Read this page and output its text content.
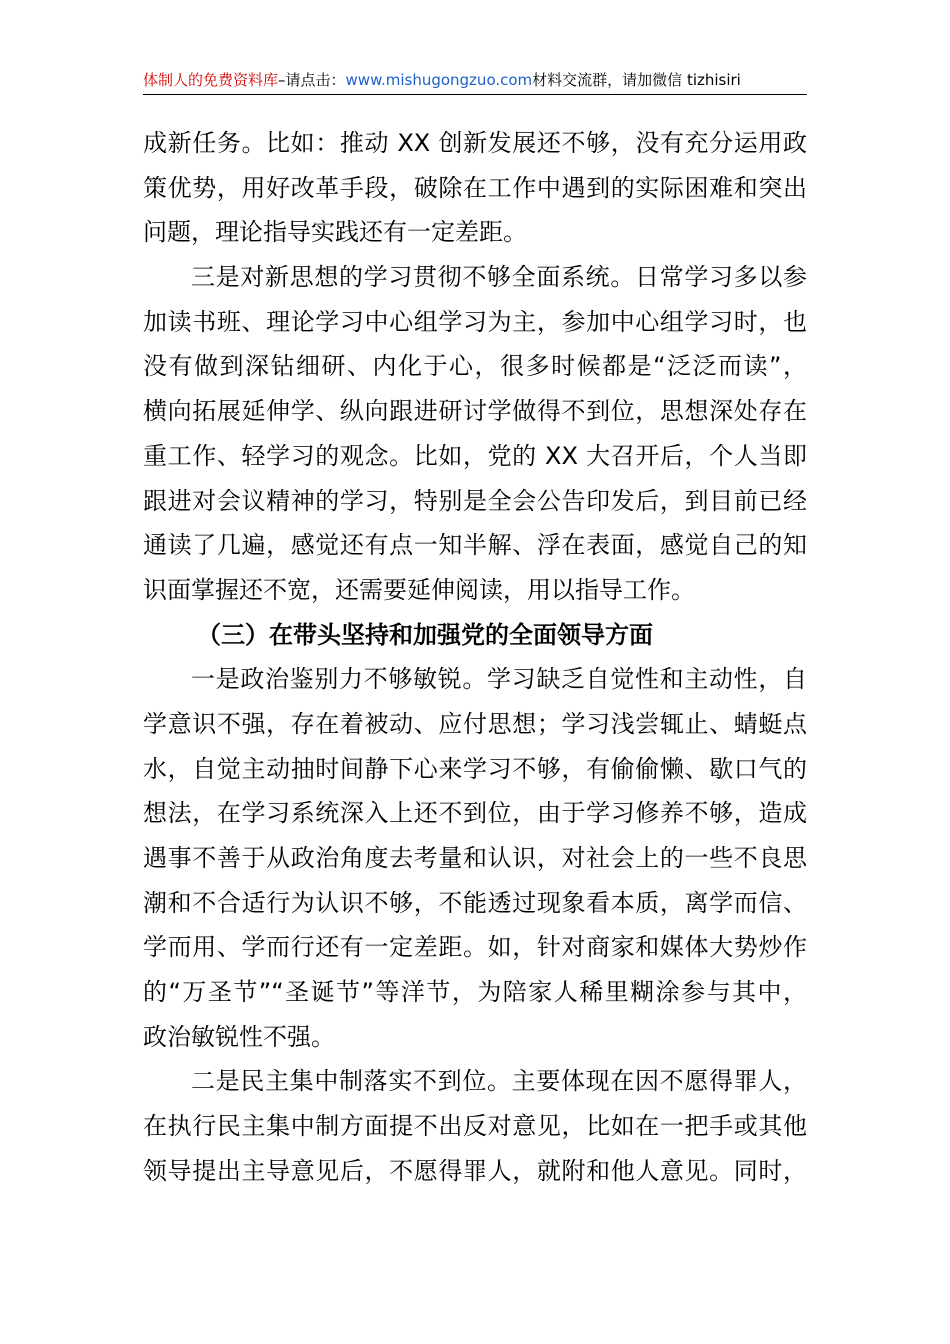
体制人的免费资料库–请点击：www.mishugongzuo.com材料交流群，请加微信 tizhisiri
成新任务。比如：推动 XX 创新发展还不够，没有充分运用政
策优势，用好改革手段，破除在工作中遇到的实际困难和突出
问题，理论指导实践还有一定差距。
三是对新思想的学习贯彻不够全面系统。日常学习多以参
加读书班、理论学习中心组学习为主，参加中心组学习时，也
没有做到深钻细研、内化于心，很多时候都是“泛泛而读”，
横向拓展延伸学、纵向跟进研讨学做得不到位，思想深处存在
重工作、轻学习的观念。比如，党的 XX 大召开后，个人当即
跟进对会议精神的学习，特别是全会公告印发后，到目前已经
通读了几遍，感觉还有点一知半解、浮在表面，感觉自己的知
识面掌握还不宽，还需要延伸阅读，用以指导工作。
（三）在带头坚持和加强党的全面领导方面
一是政治鉴别力不够敏锐。学习缺乏自觉性和主动性，自
学意识不强，存在着被动、应付思想；学习浅尝辄止、蜻蜓点
水，自觉主动抽时间静下心来学习不够，有偷偷懒、歇口气的
想法，在学习系统深入上还不到位，由于学习修养不够，造成
遇事不善于从政治角度去考量和认识，对社会上的一些不良思
潮和不合适行为认识不够，不能透过现象看本质，离学而信、
学而用、学而行还有一定差距。如，针对商家和媒体大势炒作
的“万圣节”“圣诞节”等洋节，为陪家人稀里糊涂参与其中，
政治敏锐性不强。
二是民主集中制落实不到位。主要体现在因不愿得罪人，
在执行民主集中制方面提不出反对意见，比如在一把手或其他
领导提出主导意见后，不愿得罪人，就附和他人意见。同时，
